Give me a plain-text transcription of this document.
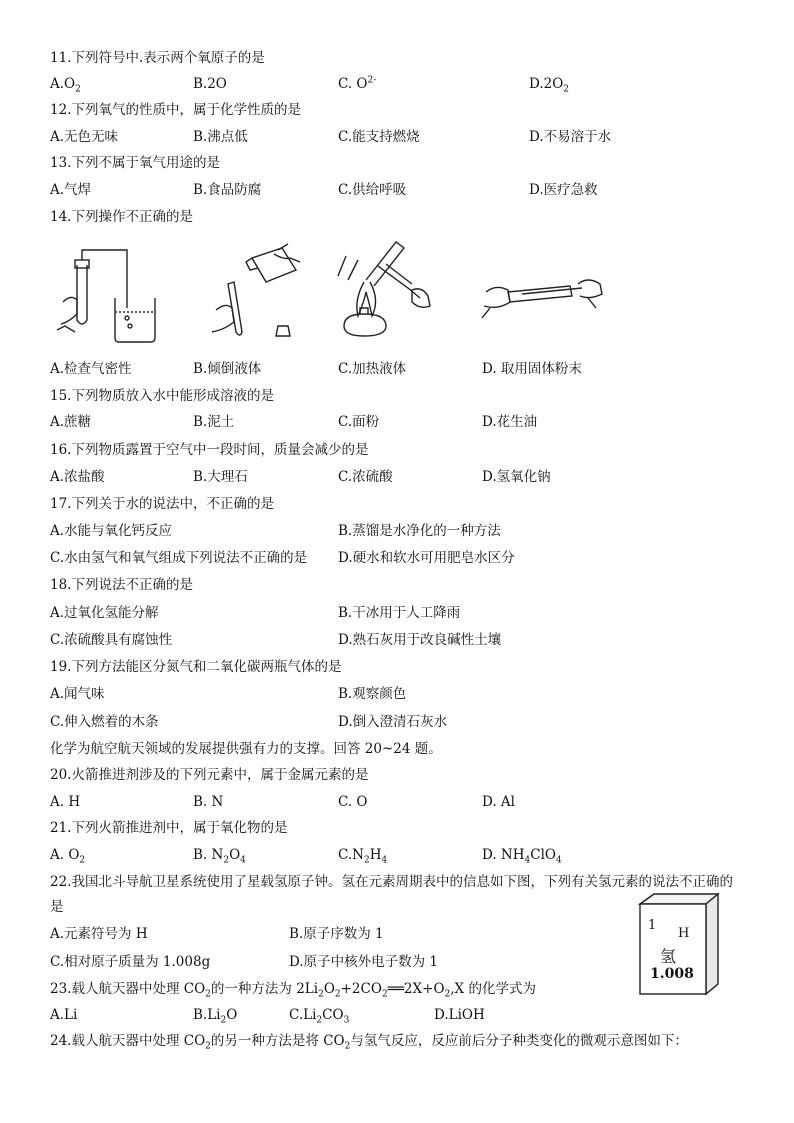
11.下列符号中.表示两个氧原子的是
$A.O_2$	B.2O	C. $O^{2-}$	$D.2O_2$
12.下列氧气的性质中，属于化学性质的是
A.无色无味	B.沸点低	C.能支持燃烧	D.不易溶于水
13.下列不属于氧气用途的是
A.气焊	B.食品防腐	C.供给呼吸	D.医疗急救
14.下列操作不正确的是
A.检查气密性	B.倾倒液体	C.加热液体	D. 取用固体粉末
15.下列物质放入水中能形成溶液的是
A.蔗糖	B.泥土	C.面粉	D.花生油
16.下列物质露置于空气中一段时间，质量会减少的是
A.浓盐酸	B.大理石	C.浓硫酸	D.氢氧化钠
17.下列关于水的说法中，不正确的是
A.水能与氧化钙反应	B.蒸馏是水净化的一种方法
C.水由氢气和氧气组成下列说法不正确的是 D.硬水和软水可用肥皂水区分
18.下列说法不正确的是
A.过氧化氢能分解	B.干冰用于人工降雨
C.浓硫酸具有腐蚀性	D.熟石灰用于改良碱性土壤
19.下列方法能区分氮气和二氧化碳两瓶气体的是
A.闻气味	B.观察颜色
C.伸入燃着的木条	D.倒入澄清石灰水
化学为航空航天领域的发展提供强有力的支撑。回答 20~24 题。
20.火箭推进剂涉及的下列元素中，属于金属元素的是
A. H	B. N	C. O	D. Al
21.下列火箭推进剂中，属于氧化物的是
A. $O_2$	B. $N_2O_4$	$C.N_2H_4$	D. $NH_4ClO_4$
22.我国北斗导航卫星系统使用了星载氢原子钟。氢在元素周期表中的信息如下图，下列有关氢元素的说法不正确的
是
A.元素符号为 H	B.原子序数为 1
C.相对原子质量为 1.008g	D.原子中核外电子数为 1
1
H
氢
1.008
23.载人航天器中处理 $CO_2$的一种方法为 $2Li_2O_2+2CO_2══2X+O_2,X$ 的化学式为
A.Li	$B.Li_2O$	$C.Li_2CO_3$	D.LiOH
24.载人航天器中处理 $CO_2$的另一种方法是将 $CO_2$与氢气反应，反应前后分子种类变化的微观示意图如下：
